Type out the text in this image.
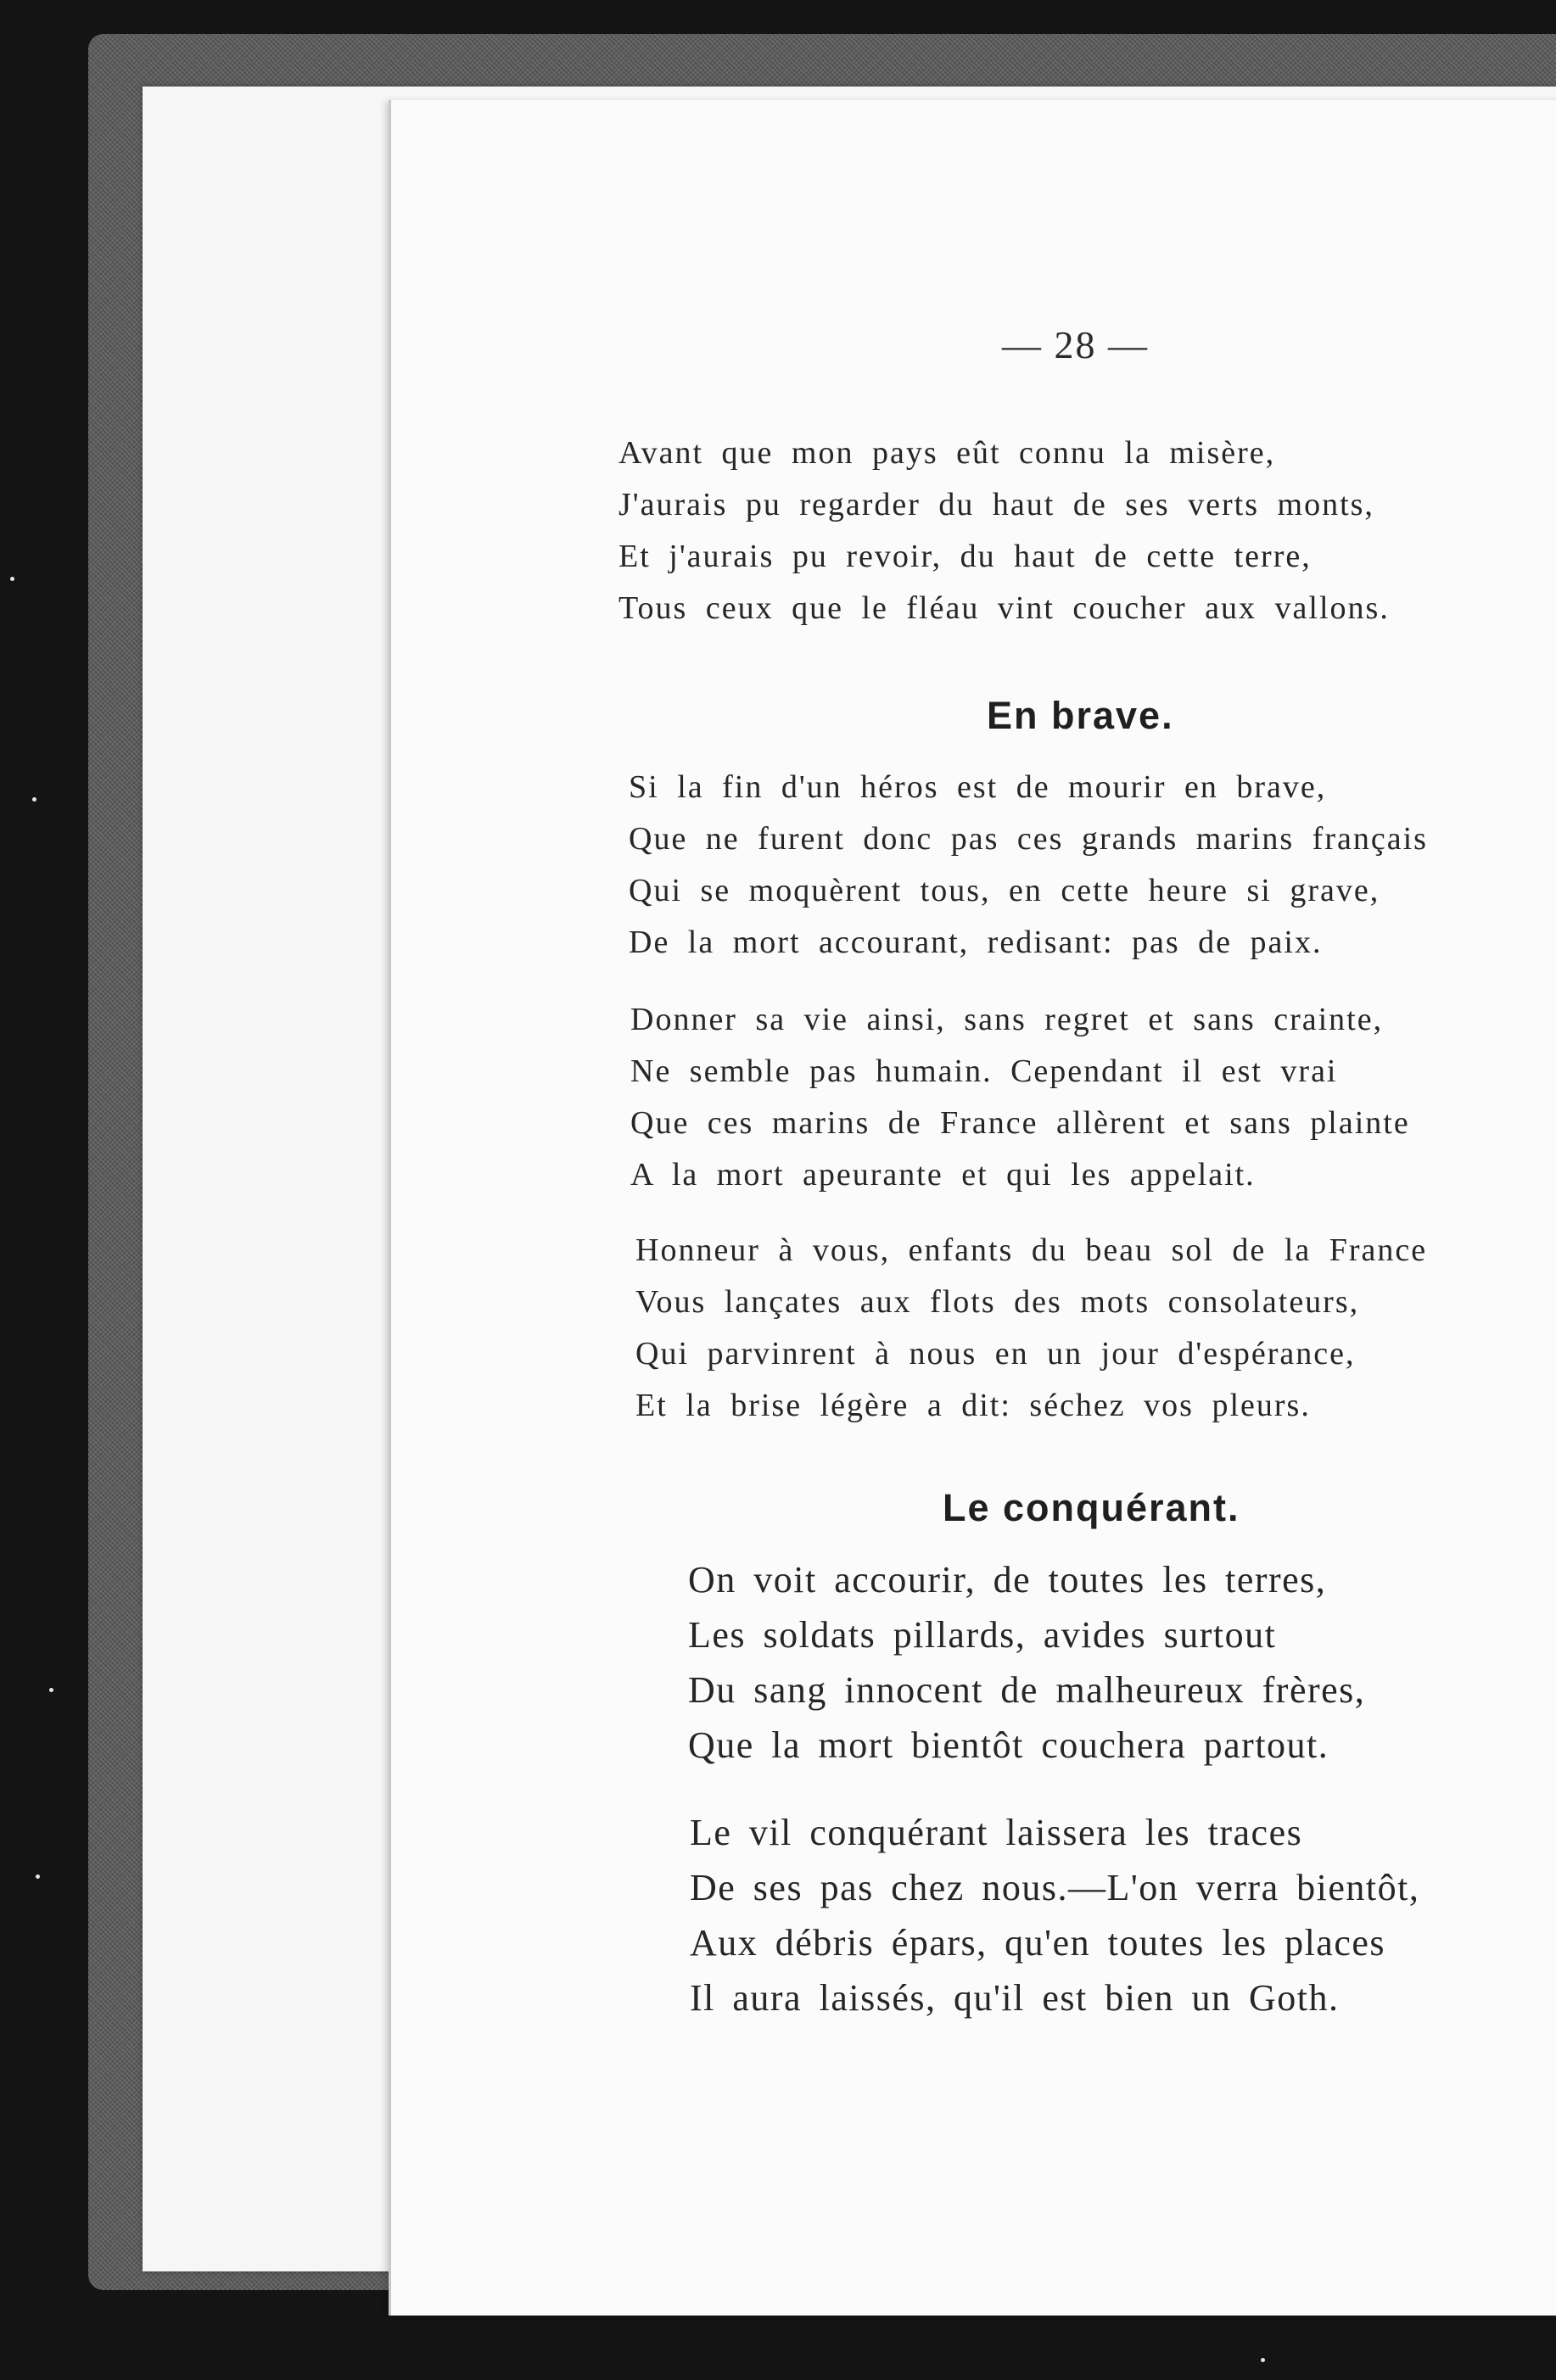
— 28 —
Avant que mon pays eût connu la misère,
J'aurais pu regarder du haut de ses verts monts,
Et j'aurais pu revoir, du haut de cette terre,
Tous ceux que le fléau vint coucher aux vallons.
En brave.
Si la fin d'un héros est de mourir en brave,
Que ne furent donc pas ces grands marins français
Qui se moquèrent tous, en cette heure si grave,
De la mort accourant, redisant: pas de paix.
Donner sa vie ainsi, sans regret et sans crainte,
Ne semble pas humain. Cependant il est vrai
Que ces marins de France allèrent et sans plainte
A la mort apeurante et qui les appelait.
Honneur à vous, enfants du beau sol de la France
Vous lançates aux flots des mots consolateurs,
Qui parvinrent à nous en un jour d'espérance,
Et la brise légère a dit: séchez vos pleurs.
Le conquérant.
On voit accourir, de toutes les terres,
Les soldats pillards, avides surtout
Du sang innocent de malheureux frères,
Que la mort bientôt couchera partout.
Le vil conquérant laissera les traces
De ses pas chez nous.—L'on verra bientôt,
Aux débris épars, qu'en toutes les places
Il aura laissés, qu'il est bien un Goth.
